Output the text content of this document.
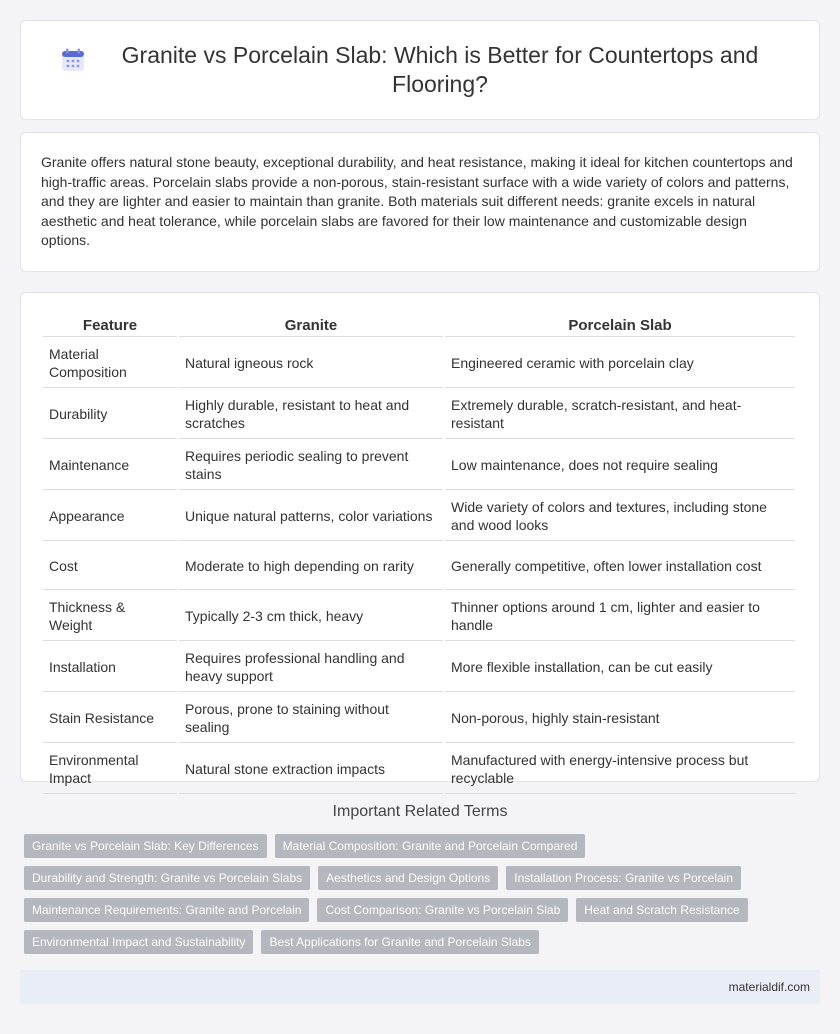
Granite vs Porcelain Slab: Which is Better for Countertops and Flooring?

Granite offers natural stone beauty, exceptional durability, and heat resistance, making it ideal for kitchen countertops and high-traffic areas. Porcelain slabs provide a non-porous, stain-resistant surface with a wide variety of colors and patterns, and they are lighter and easier to maintain than granite. Both materials suit different needs: granite excels in natural aesthetic and heat tolerance, while porcelain slabs are favored for their low maintenance and customizable design options.

Feature	Granite	Porcelain Slab
Material Composition	Natural igneous rock	Engineered ceramic with porcelain clay
Durability	Highly durable, resistant to heat and scratches	Extremely durable, scratch-resistant, and heat-resistant
Maintenance	Requires periodic sealing to prevent stains	Low maintenance, does not require sealing
Appearance	Unique natural patterns, color variations	Wide variety of colors and textures, including stone and wood looks
Cost	Moderate to high depending on rarity	Generally competitive, often lower installation cost
Thickness & Weight	Typically 2-3 cm thick, heavy	Thinner options around 1 cm, lighter and easier to handle
Installation	Requires professional handling and heavy support	More flexible installation, can be cut easily
Stain Resistance	Porous, prone to staining without sealing	Non-porous, highly stain-resistant
Environmental Impact	Natural stone extraction impacts	Manufactured with energy-intensive process but recyclable
Important Related Terms
Granite vs Porcelain Slab: Key Differences	Material Composition: Granite and Porcelain Compared
Durability and Strength: Granite vs Porcelain Slabs	Aesthetics and Design Options	Installation Process: Granite vs Porcelain
Maintenance Requirements: Granite and Porcelain	Cost Comparison: Granite vs Porcelain Slab	Heat and Scratch Resistance
Environmental Impact and Sustainability	Best Applications for Granite and Porcelain Slabs
materialdif.com
